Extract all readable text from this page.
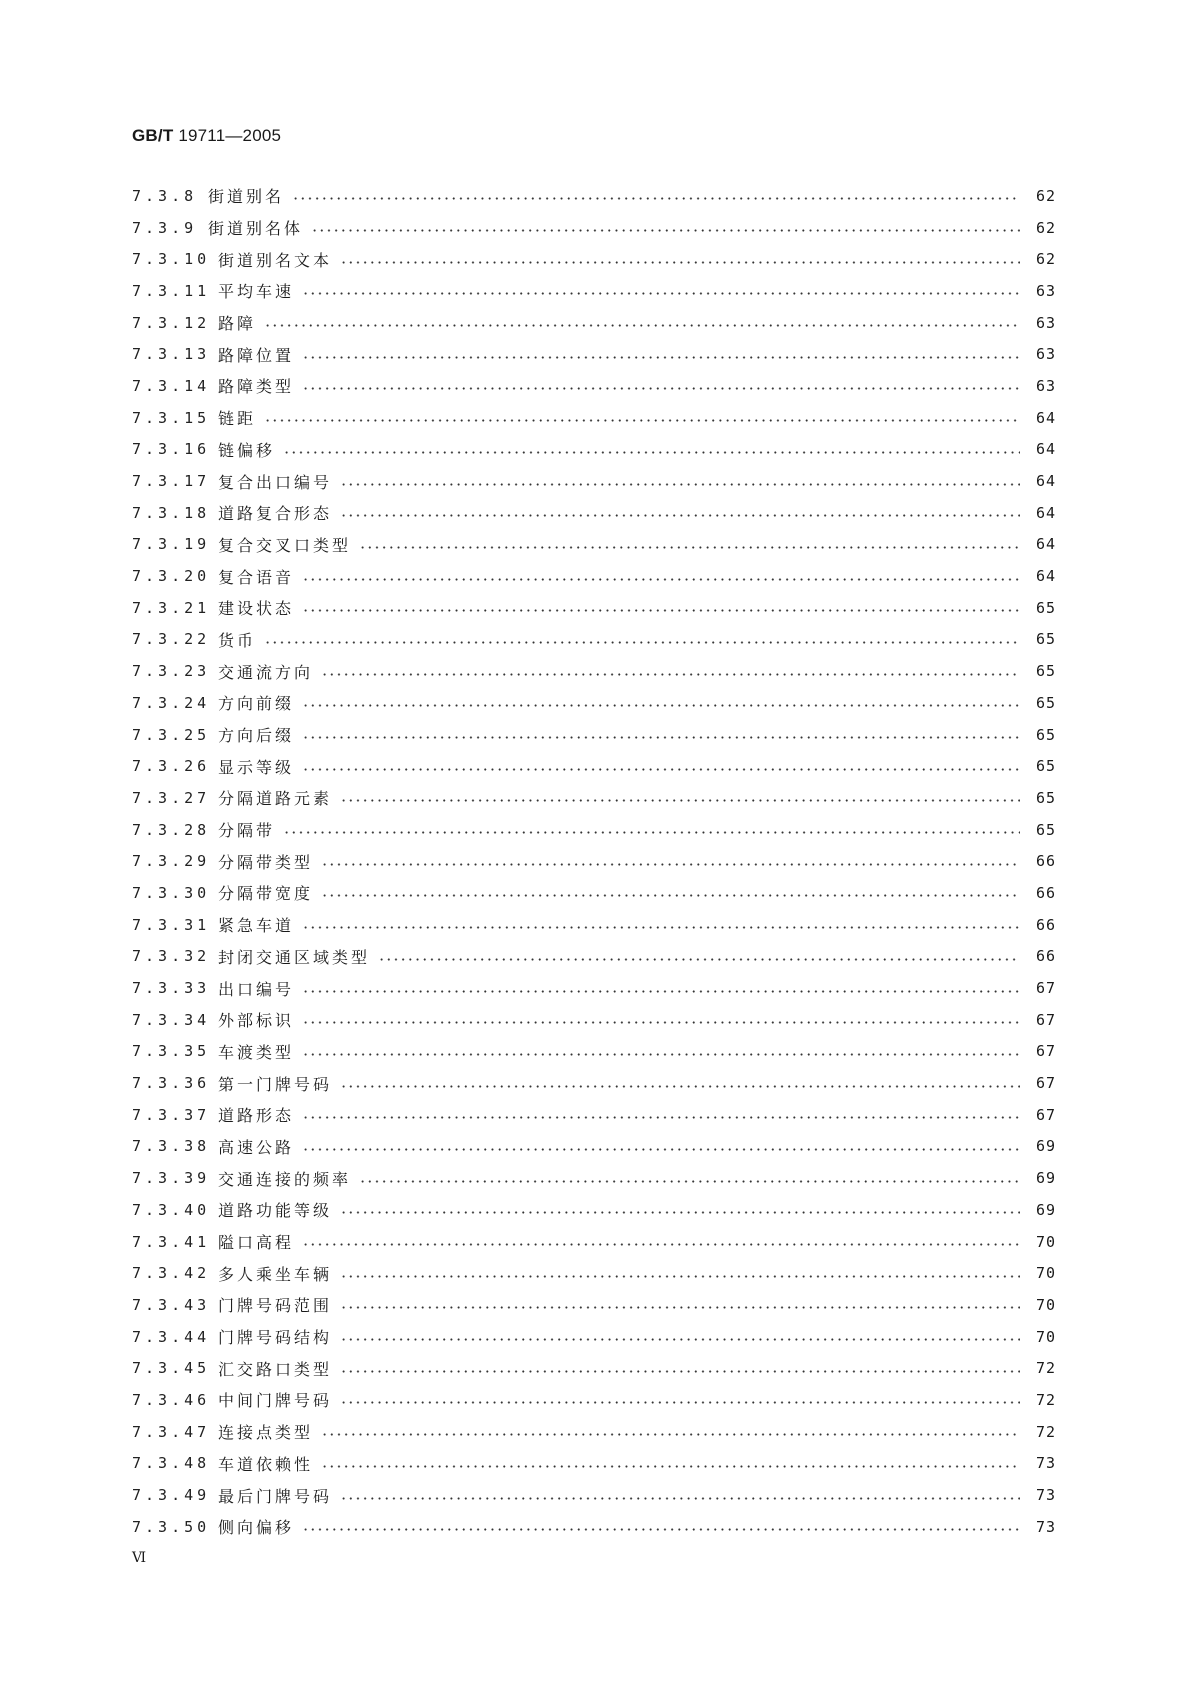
GB/T 19711—2005
7.3.8 街道别名	62
7.3.9 街道别名体	62
7.3.10 街道别名文本	62
7.3.11 平均车速	63
7.3.12 路障	63
7.3.13 路障位置	63
7.3.14 路障类型	63
7.3.15 链距	64
7.3.16 链偏移	64
7.3.17 复合出口编号	64
7.3.18 道路复合形态	64
7.3.19 复合交叉口类型	64
7.3.20 复合语音	64
7.3.21 建设状态	65
7.3.22 货币	65
7.3.23 交通流方向	65
7.3.24 方向前缀	65
7.3.25 方向后缀	65
7.3.26 显示等级	65
7.3.27 分隔道路元素	65
7.3.28 分隔带	65
7.3.29 分隔带类型	66
7.3.30 分隔带宽度	66
7.3.31 紧急车道	66
7.3.32 封闭交通区域类型	66
7.3.33 出口编号	67
7.3.34 外部标识	67
7.3.35 车渡类型	67
7.3.36 第一门牌号码	67
7.3.37 道路形态	67
7.3.38 高速公路	69
7.3.39 交通连接的频率	69
7.3.40 道路功能等级	69
7.3.41 隘口高程	70
7.3.42 多人乘坐车辆	70
7.3.43 门牌号码范围	70
7.3.44 门牌号码结构	70
7.3.45 汇交路口类型	72
7.3.46 中间门牌号码	72
7.3.47 连接点类型	72
7.3.48 车道依赖性	73
7.3.49 最后门牌号码	73
7.3.50 侧向偏移	73
Ⅵ
